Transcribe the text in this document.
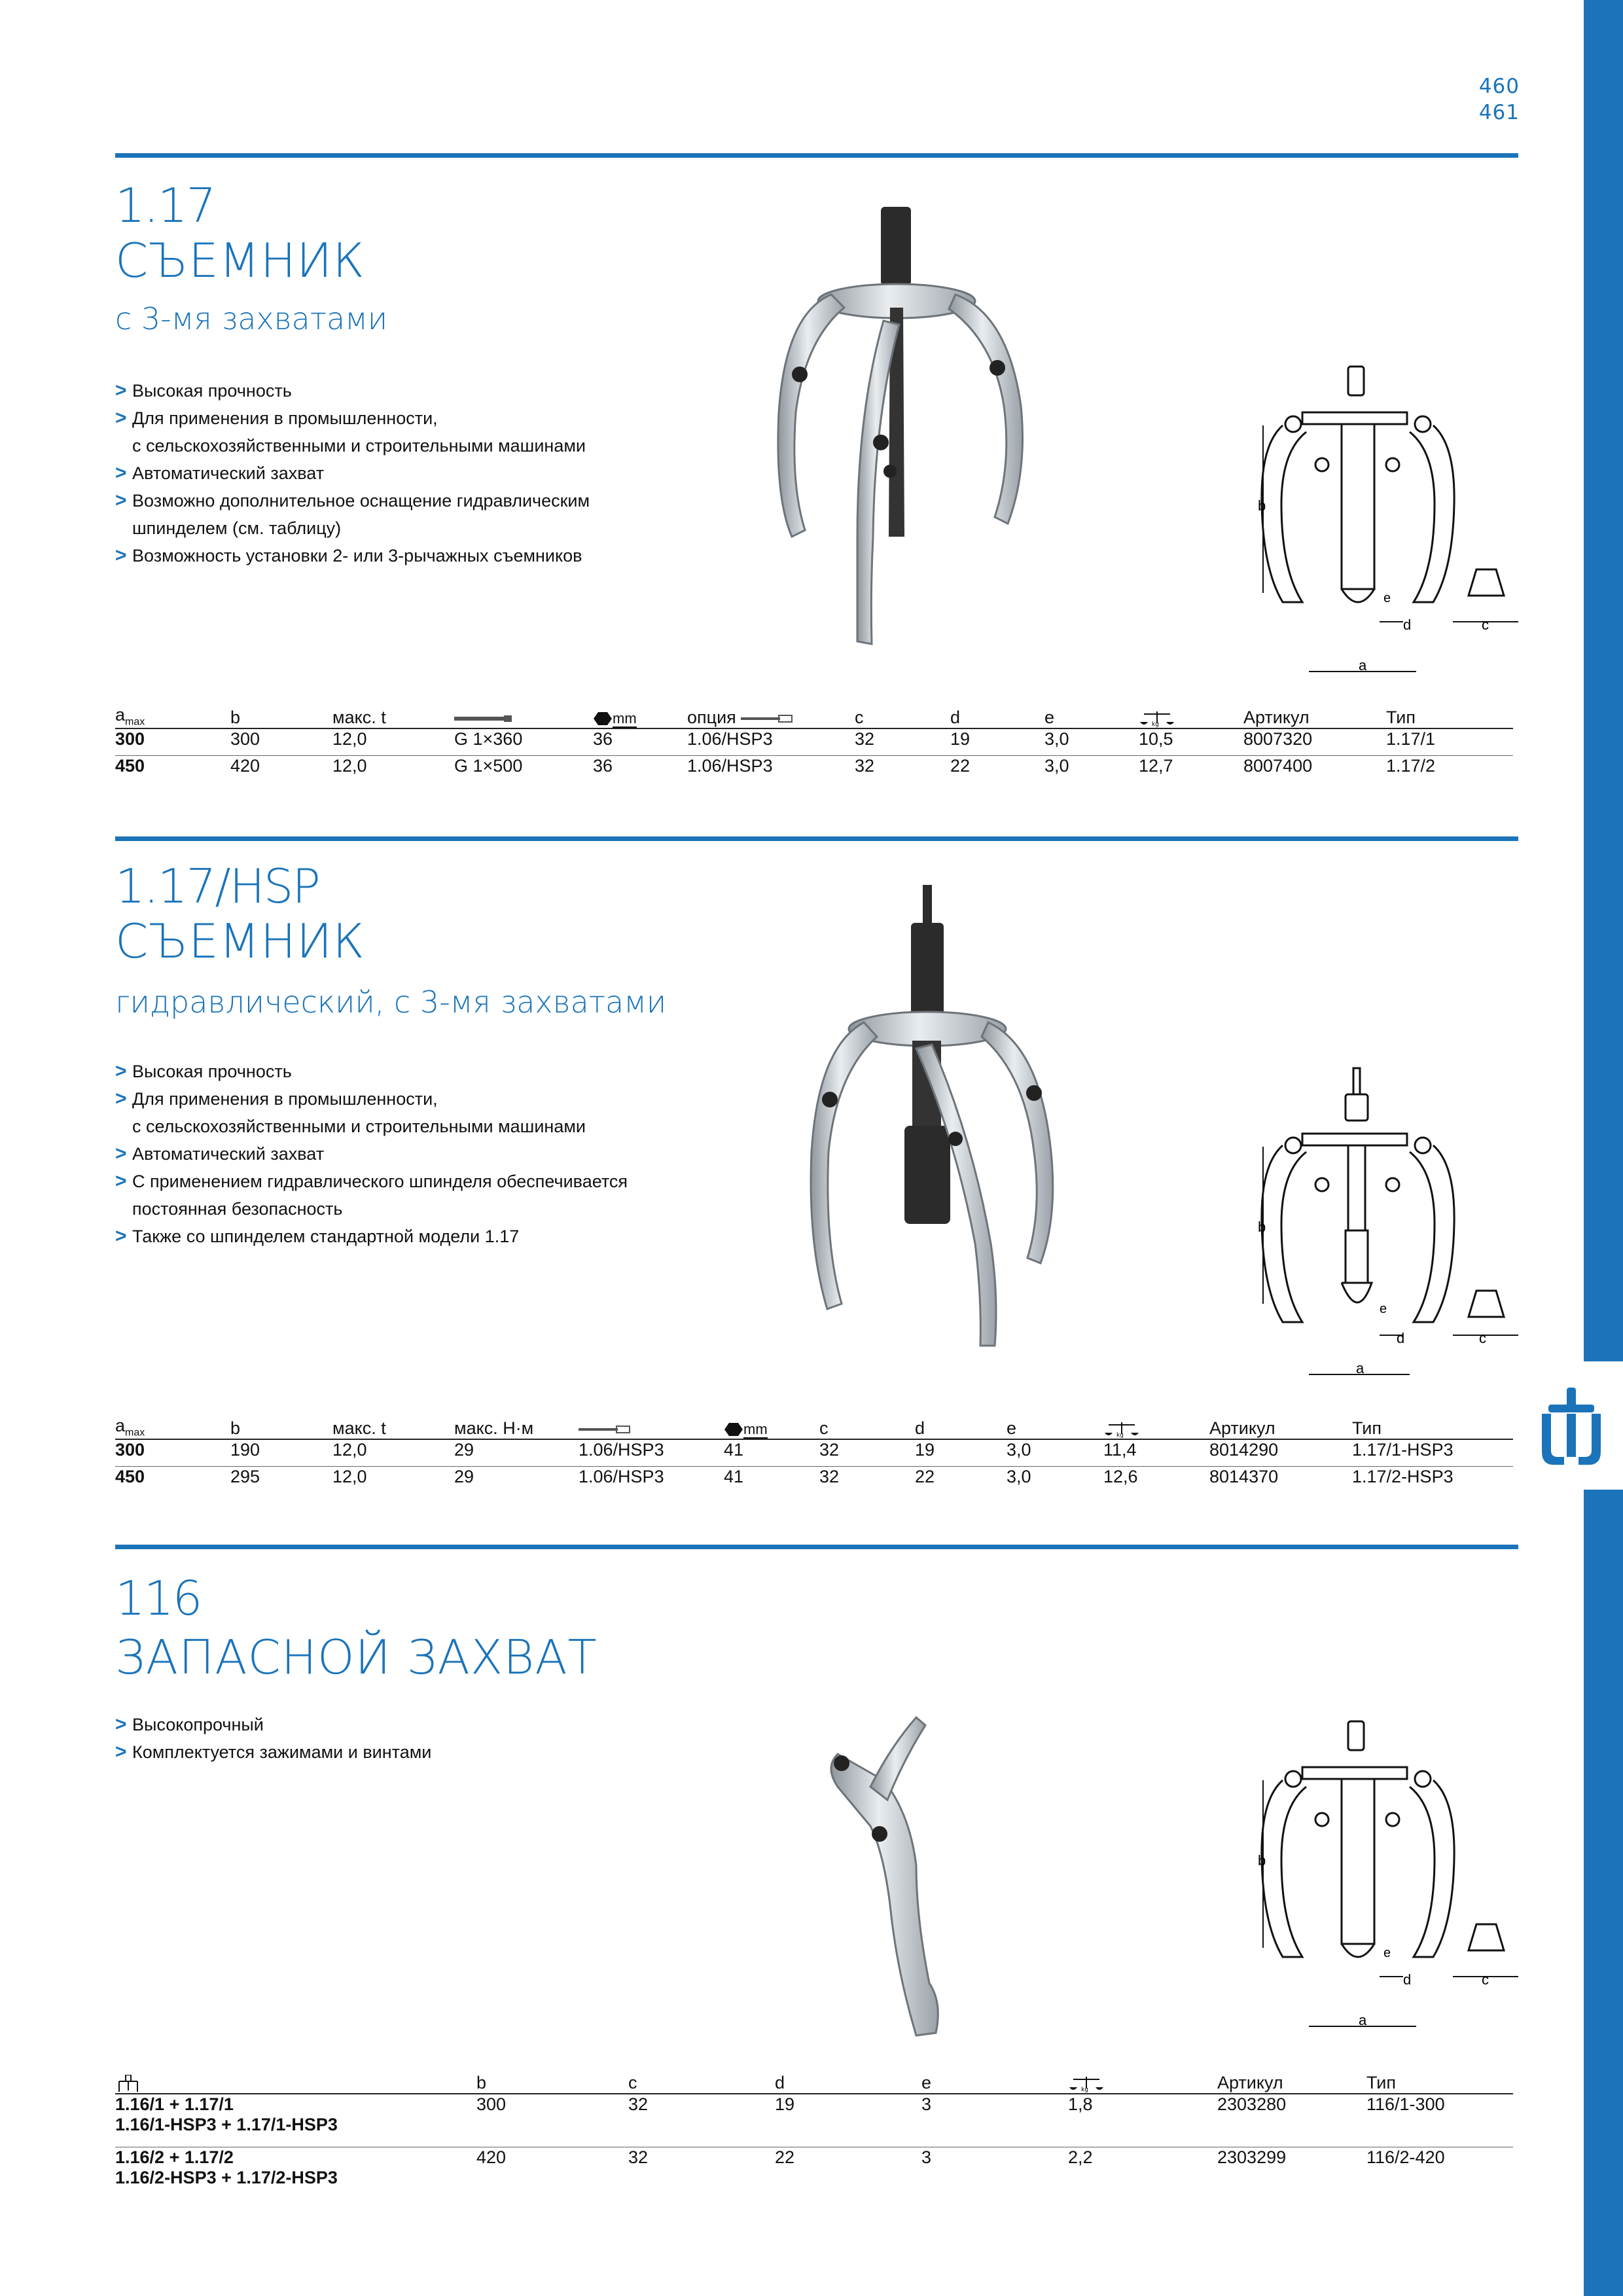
460
461
1.17
СЪЕМНИК
с 3-мя захватами
> Высокая прочность
> Для применения в промышленности,
с сельскохозяйственными и строительными машинами
> Автоматический захват
> Возможно дополнительное оснащение гидравлическим
шпинделем (см. таблицу)
> Возможность установки 2- или 3-рычажных съемников
b
a
d
e
c
$a_{max}$	b	макс. t		mm	опция	c	d	e	kg	Артикул	Тип
300	300	12,0	G 1×360	36	1.06/HSP3	32	19	3,0	10,5	8007320	1.17/1
450	420	12,0	G 1×500	36	1.06/HSP3	32	22	3,0	12,7	8007400	1.17/2
1.17/HSP
СЪЕМНИК
гидравлический, с 3-мя захватами
> Высокая прочность
> Для применения в промышленности,
с сельскохозяйственными и строительными машинами
> Автоматический захват
> С применением гидравлического шпинделя обеспечивается
постоянная безопасность
> Также со шпинделем стандартной модели 1.17	b
a
d
e
c
$a_{max}$	b	макс. t	макс. Н·м		mm	c	d	e	kg	Артикул	Тип
300	190	12,0	29	1.06/HSP3	41	32	19	3,0	11,4	8014290	1.17/1-HSP3
450	295	12,0	29	1.06/HSP3	41	32	22	3,0	12,6	8014370	1.17/2-HSP3
116
ЗАПАСНОЙ ЗАХВАТ
> Высокопрочный
> Комплектуется зажимами и винтами
b
a
d
e
c
	b	c	d	e	kg	Артикул	Тип
1.16/1 + 1.17/1
1.16/1-HSP3 + 1.17/1-HSP3	300	32	19	3	1,8	2303280	116/1-300
1.16/2 + 1.17/2
1.16/2-HSP3 + 1.17/2-HSP3	420	32	22	3	2,2	2303299	116/2-420
